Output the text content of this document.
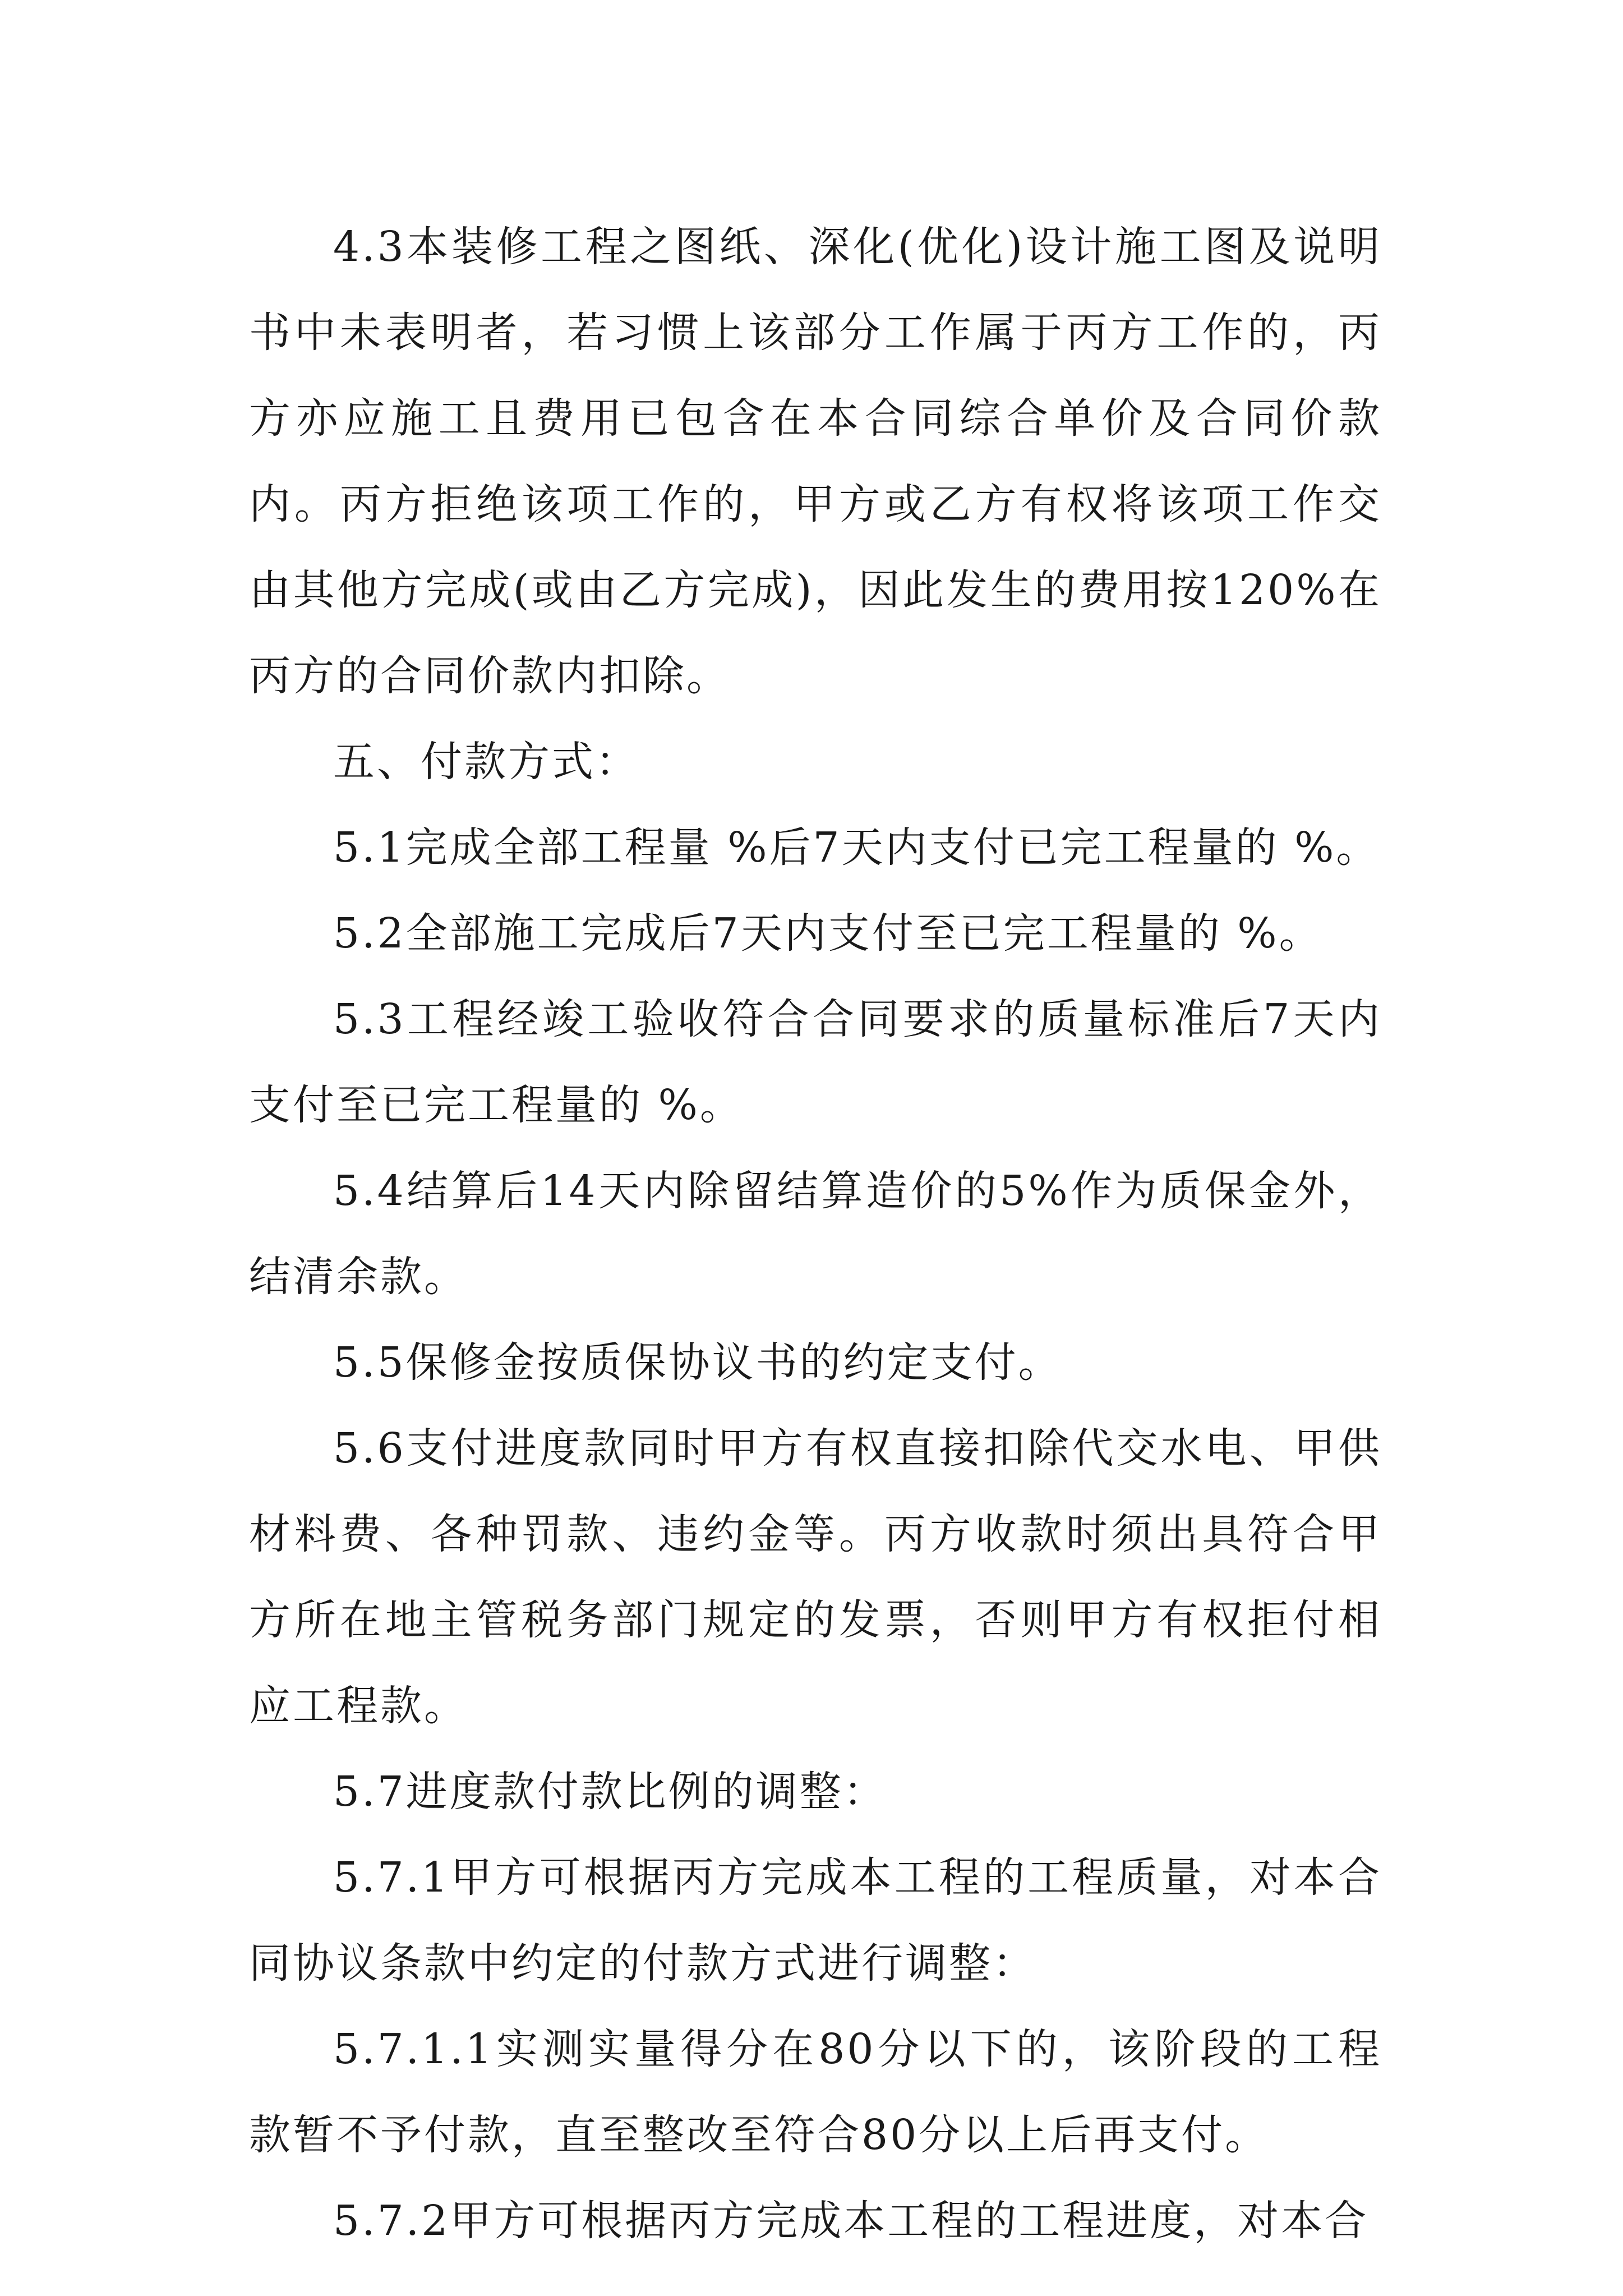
4.3本装修工程之图纸、深化(优化)设计施工图及说明书中未表明者，若习惯上该部分工作属于丙方工作的，丙方亦应施工且费用已包含在本合同综合单价及合同价款内。丙方拒绝该项工作的，甲方或乙方有权将该项工作交由其他方完成(或由乙方完成)，因此发生的费用按120%在丙方的合同价款内扣除。

五、付款方式：

5.1完成全部工程量 %后7天内支付已完工程量的 %。

5.2全部施工完成后7天内支付至已完工程量的 %。

5.3工程经竣工验收符合合同要求的质量标准后7天内支付至已完工程量的 %。

5.4结算后14天内除留结算造价的5%作为质保金外，结清余款。

5.5保修金按质保协议书的约定支付。

5.6支付进度款同时甲方有权直接扣除代交水电、甲供材料费、各种罚款、违约金等。丙方收款时须出具符合甲方所在地主管税务部门规定的发票，否则甲方有权拒付相应工程款。

5.7进度款付款比例的调整：

5.7.1甲方可根据丙方完成本工程的工程质量，对本合同协议条款中约定的付款方式进行调整：

5.7.1.1实测实量得分在80分以下的，该阶段的工程款暂不予付款，直至整改至符合80分以上后再支付。

5.7.2甲方可根据丙方完成本工程的工程进度，对本合
